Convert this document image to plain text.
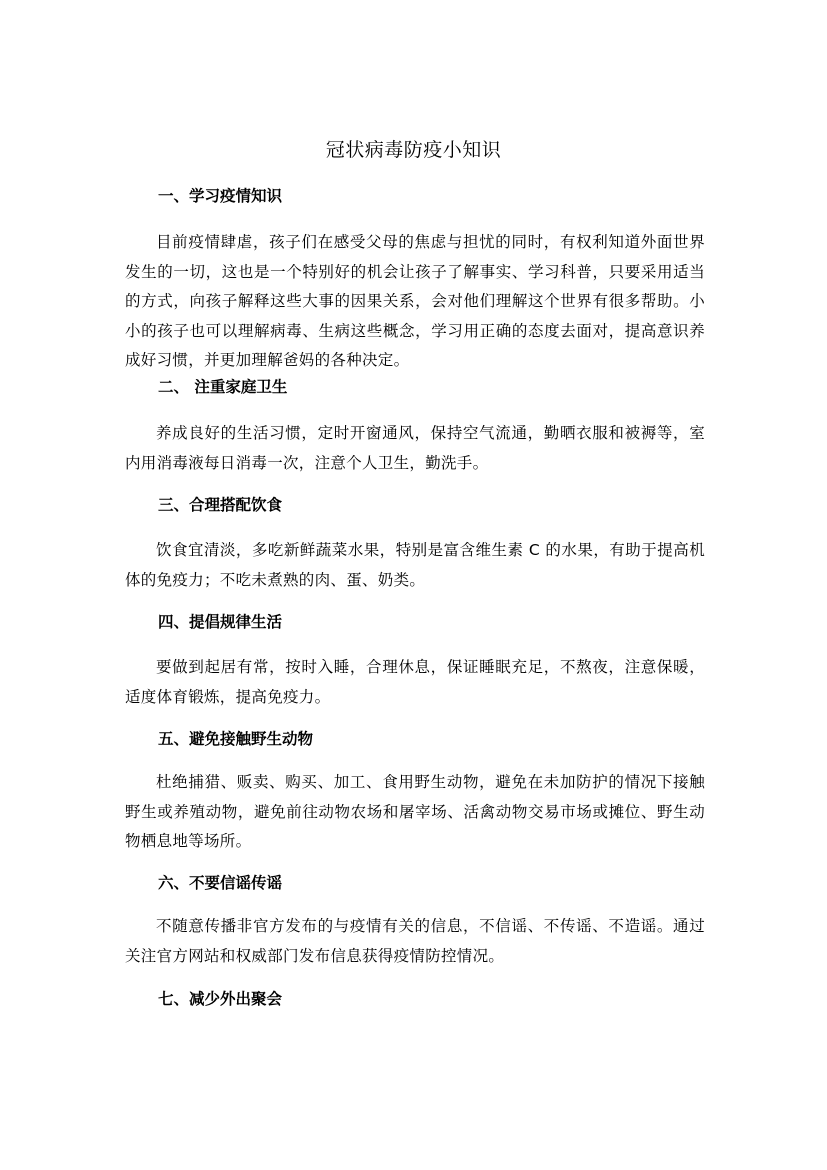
冠状病毒防疫小知识
一、学习疫情知识
目前疫情肆虐，孩子们在感受父母的焦虑与担忧的同时，有权利知道外面世界发生的一切，这也是一个特别好的机会让孩子了解事实、学习科普，只要采用适当的方式，向孩子解释这些大事的因果关系，会对他们理解这个世界有很多帮助。小小的孩子也可以理解病毒、生病这些概念，学习用正确的态度去面对，提高意识养成好习惯，并更加理解爸妈的各种决定。
二、 注重家庭卫生
养成良好的生活习惯，定时开窗通风，保持空气流通，勤晒衣服和被褥等，室内用消毒液每日消毒一次，注意个人卫生，勤洗手。
三、合理搭配饮食
饮食宜清淡，多吃新鲜蔬菜水果，特别是富含维生素 C 的水果，有助于提高机体的免疫力；不吃未煮熟的肉、蛋、奶类。
四、提倡规律生活
要做到起居有常，按时入睡，合理休息，保证睡眠充足，不熬夜，注意保暖，适度体育锻炼，提高免疫力。
五、避免接触野生动物
杜绝捕猎、贩卖、购买、加工、食用野生动物，避免在未加防护的情况下接触野生或养殖动物，避免前往动物农场和屠宰场、活禽动物交易市场或摊位、野生动物栖息地等场所。
六、不要信谣传谣
不随意传播非官方发布的与疫情有关的信息，不信谣、不传谣、不造谣。通过关注官方网站和权威部门发布信息获得疫情防控情况。
七、减少外出聚会
